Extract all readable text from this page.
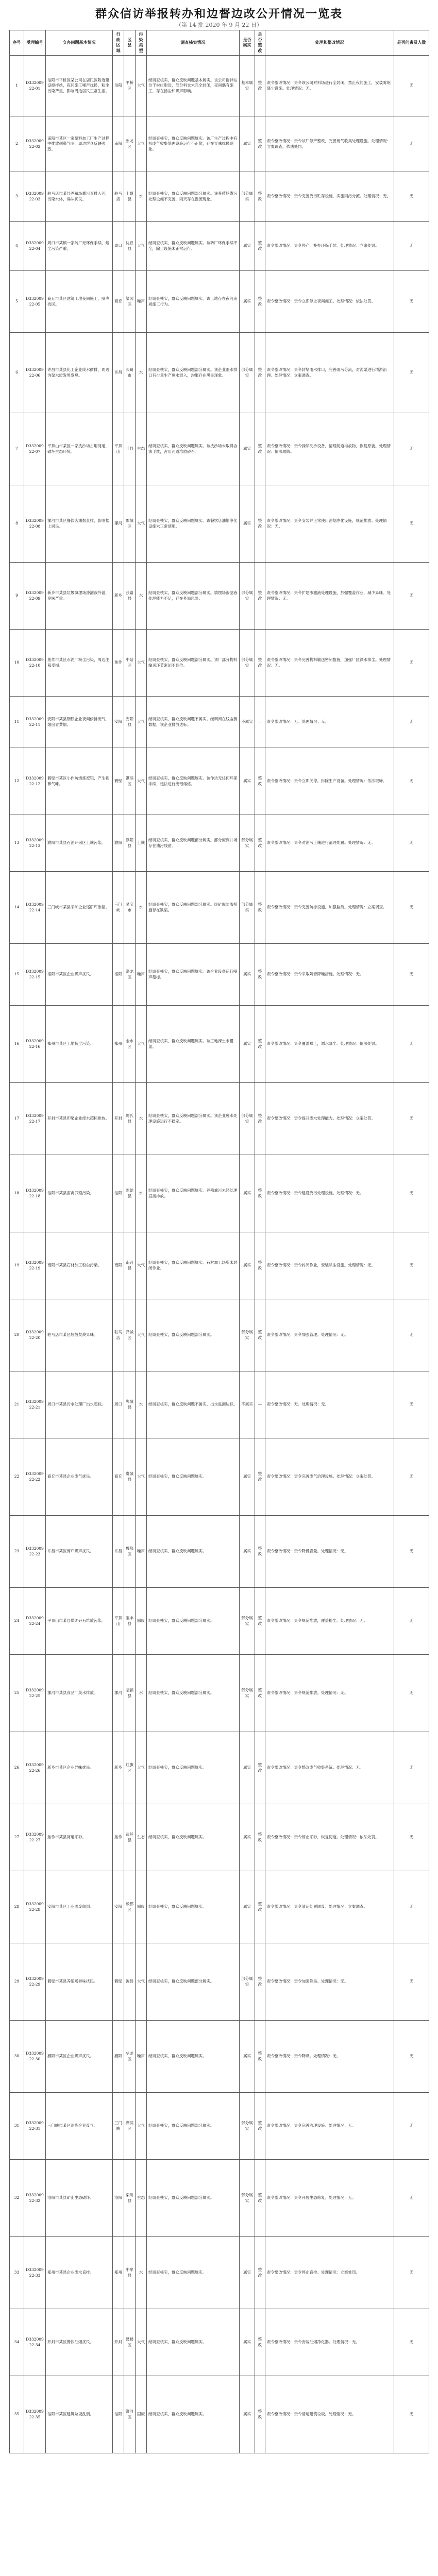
群众信访举报转办和边督边改公开情况一览表
（第 14 批 2020 年 9 月 22 日）
序号	受理编号	交办问题基本情况	行政区域	区县	污染类型	调查核实情况	是否属实	是否整改	处理和整改情况	是否问责及人数
1	D33200922-01	信阳市平桥区某公司在居民区附近建设搅拌站，夜间施工噪声扰民，粉尘污染严重，影响周边居民正常生活。	信阳	平桥区	大气	经调查核实，群众反映问题基本属实。该公司搅拌站位于村庄附近，部分料仓未完全封闭，夜间偶有施工，存在扬尘和噪声影响。	基本属实	整改	责令整改情况：责令该公司对料场进行全封闭，禁止夜间施工，安装雾炮降尘设施。处理情况：无。	无
2	D33200922-02	南阳市某区一家塑料加工厂生产过程中排放刺鼻气味，周边群众反映强烈。	南阳	卧龙区	大气	经调查核实，群众反映问题属实。该厂生产过程中有机废气收集处理设施运行不正常，存在异味扰民现象。	属实	整改	责令整改情况：责令该厂停产整改，完善废气收集处理设施。处理情况：立案调查，依法处罚。	无
3	D33200922-03	驻马店市某县养殖场粪污直排入河，污染水体，臭味扰民。	驻马店	上蔡县	水	经调查核实，群众反映问题部分属实。该养殖场粪污处理设施不完善，雨天存在溢流现象。	部分属实	整改	责令整改情况：责令完善粪污贮存设施，实施雨污分流。处理情况：无。	无
4	D33200922-04	周口市某镇一家砖厂无环保手续，烟尘污染严重。	周口	沈丘县	大气	经调查核实，群众反映问题属实。该砖厂环保手续不全，除尘设施未正常运行。	属实	整改	责令整改情况：责令停产，补办环保手续。处理情况：立案处罚。	无
5	D33200922-05	商丘市某区建筑工地夜间施工，噪声扰民。	商丘	梁园区	噪声	经调查核实，群众反映问题属实。该工地存在夜间违规施工行为。	属实	整改	责令整改情况：责令立即停止夜间施工。处理情况：依法处罚。	无
6	D33200922-06	许昌市某县化工企业废水偷排，周边沟渠水质发黑发臭。	许昌	长葛市	水	经调查核实，群众反映问题部分属实。该企业雨水排口有少量生产废水混入，沟渠存在黑臭现象。	部分属实	整改	责令整改情况：责令封堵雨水排口，完善雨污分流，对沟渠进行清淤治理。处理情况：立案调查。	无
7	D33200922-07	平顶山市某区一家洗沙场占用河道，破坏生态环境。	平顶山	叶县	生态	经调查核实，群众反映问题属实。该洗沙场未取得合法手续，占用河道堆放砂石。	属实	整改	责令整改情况：责令拆除洗沙设备，清理河道堆放物，恢复原貌。处理情况：依法取缔。	无
8	D33200922-08	漯河市某区餐饮店油烟直排，影响楼上居民。	漯河	郾城区	大气	经调查核实，群众反映问题属实。该餐饮店油烟净化设施未正常使用。	属实	整改	责令整改情况：责令安装并正常使用油烟净化设施，规范排放。处理情况：无。	无
9	D33200922-09	新乡市某县垃圾填埋场渗滤液外溢，臭味严重。	新乡	获嘉县	水	经调查核实，群众反映问题部分属实。填埋场渗滤液处理能力不足，存在外溢风险。	部分属实	整改	责令整改情况：责令扩建渗滤液处理设施，加强覆盖作业，减少异味。处理情况：无。	无
10	D33200922-10	焦作市某区水泥厂粉尘污染，周边庄稼受损。	焦作	中站区	大气	经调查核实，群众反映问题部分属实。该厂部分物料输送环节密闭不到位。	部分属实	整改	责令整改情况：责令完善物料输送密闭措施，加强厂区洒水抑尘。处理情况：无。	无
11	D33200922-11	安阳市某县钢铁企业夜间偷排废气，烟囱冒黄烟。	安阳	安阳县	大气	经调查核实，群众反映问题不属实。经调阅在线监测数据，该企业排放达标。	不属实	—	责令整改情况：无。处理情况：无。	无
12	D33200922-12	鹤壁市某区小作坊熔炼废铝，产生刺鼻气味。	鹤壁	淇滨区	大气	经调查核实，群众反映问题属实。该作坊无任何环保手续，违法进行废铝熔炼。	属实	整改	责令整改情况：责令立即关停，拆除生产设备。处理情况：依法取缔。	无
13	D33200922-13	濮阳市某县石油开采区土壤污染。	濮阳	濮阳县	土壤	经调查核实，群众反映问题部分属实。部分废弃井场存在油污残留。	部分属实	整改	责令整改情况：责令对油污土壤进行清理处置。处理情况：无。	无
14	D33200922-14	三门峡市某县采矿企业尾矿库渗漏。	三门峡	灵宝市	水	经调查核实，群众反映问题部分属实。尾矿库防渗措施存在缺陷。	部分属实	整改	责令整改情况：责令完善防渗设施，加强监测。处理情况：立案调查。	无
15	D33200922-15	洛阳市某区企业噪声扰民。	洛阳	洛龙区	噪声	经调查核实，群众反映问题属实。该企业设备运行噪声超标。	属实	整改	责令整改情况：责令采取隔音降噪措施。处理情况：无。	无
16	D33200922-16	郑州市某区工地扬尘污染。	郑州	金水区	大气	经调查核实，群众反映问题属实。该工地裸土未覆盖。	属实	整改	责令整改情况：责令覆盖裸土，洒水降尘。处理情况：依法处罚。	无
17	D33200922-17	开封市某县印染企业废水超标排放。	开封	尉氏县	水	经调查核实，群众反映问题部分属实。该企业废水处理设施运行不稳定。	部分属实	整改	责令整改情况：责令提升废水处理能力。处理情况：立案处罚。	无
18	D33200922-18	信阳市某县畜禽养殖污染。	信阳	固始县	水	经调查核实，群众反映问题属实。养殖粪污未经处理直接排放。	属实	整改	责令整改情况：责令建设粪污处理设施。处理情况：无。	无
19	D33200922-19	南阳市某县石材加工粉尘污染。	南阳	南召县	大气	经调查核实，群众反映问题属实。石材加工场所未封闭作业。	属实	整改	责令整改情况：责令封闭作业，安装除尘设施。处理情况：无。	无
20	D33200922-20	驻马店市某区垃圾焚烧异味。	驻马店	驿城区	大气	经调查核实，群众反映问题部分属实。	部分属实	整改	责令整改情况：责令加强管理。处理情况：无。	无
21	D33200922-21	周口市某县污水处理厂出水超标。	周口	郸城县	水	经调查核实，群众反映问题不属实。出水监测达标。	不属实	—	责令整改情况：无。处理情况：无。	无
22	D33200922-22	商丘市某县企业废气扰民。	商丘	虞城县	大气	经调查核实，群众反映问题属实。	属实	整改	责令整改情况：责令完善废气治理设施。处理情况：立案处罚。	无
23	D33200922-23	许昌市某区商户噪声扰民。	许昌	魏都区	噪声	经调查核实，群众反映问题属实。	属实	整改	责令整改情况：责令降低音量。处理情况：无。	无
24	D33200922-24	平顶山市某县煤矿矸石堆放污染。	平顶山	宝丰县	固废	经调查核实，群众反映问题部分属实。	部分属实	整改	责令整改情况：责令规范堆放，覆盖抑尘。处理情况：无。	无
25	D33200922-25	漯河市某县食品厂废水排放。	漯河	临颍县	水	经调查核实，群众反映问题部分属实。	部分属实	整改	责令整改情况：责令规范排放。处理情况：无。	无
26	D33200922-26	新乡市某区企业异味扰民。	新乡	红旗区	大气	经调查核实，群众反映问题属实。	属实	整改	责令整改情况：责令整改废气收集系统。处理情况：无。	无
27	D33200922-27	焦作市某县河道采砂。	焦作	武陟县	生态	经调查核实，群众反映问题属实。	属实	整改	责令整改情况：责令停止采砂，恢复河道。处理情况：依法处罚。	无
28	D33200922-28	安阳市某区工业固废倾倒。	安阳	殷都区	固废	经调查核实，群众反映问题属实。	属实	整改	责令整改情况：责令清运处置固废。处理情况：立案调查。	无
29	D33200922-29	鹤壁市某县养殖场异味扰民。	鹤壁	浚县	大气	经调查核实，群众反映问题部分属实。	部分属实	整改	责令整改情况：责令加强除臭。处理情况：无。	无
30	D33200922-30	濮阳市某区企业噪声扰民。	濮阳	华龙区	噪声	经调查核实，群众反映问题属实。	属实	整改	责令整改情况：责令降噪。处理情况：无。	无
31	D33200922-31	三门峡市某区冶炼企业废气。	三门峡	湖滨区	大气	经调查核实，群众反映问题部分属实。	部分属实	整改	责令整改情况：责令完善治理设施。处理情况：无。	无
32	D33200922-32	洛阳市某县矿山生态破坏。	洛阳	栾川县	生态	经调查核实，群众反映问题部分属实。	部分属实	整改	责令整改情况：责令开展生态修复。处理情况：无。	无
33	D33200922-33	郑州市某县企业废水直排。	郑州	中牟县	水	经调查核实，群众反映问题属实。	属实	整改	责令整改情况：责令停止直排。处理情况：立案处罚。	无
34	D33200922-34	开封市某区餐饮油烟扰民。	开封	鼓楼区	大气	经调查核实，群众反映问题属实。	属实	整改	责令整改情况：责令安装油烟净化器。处理情况：无。	无
35	D33200922-35	信阳市某区建筑垃圾乱倒。	信阳	浉河区	固废	经调查核实，群众反映问题属实。	属实	整改	责令整改情况：责令清运建筑垃圾。处理情况：无。	无
